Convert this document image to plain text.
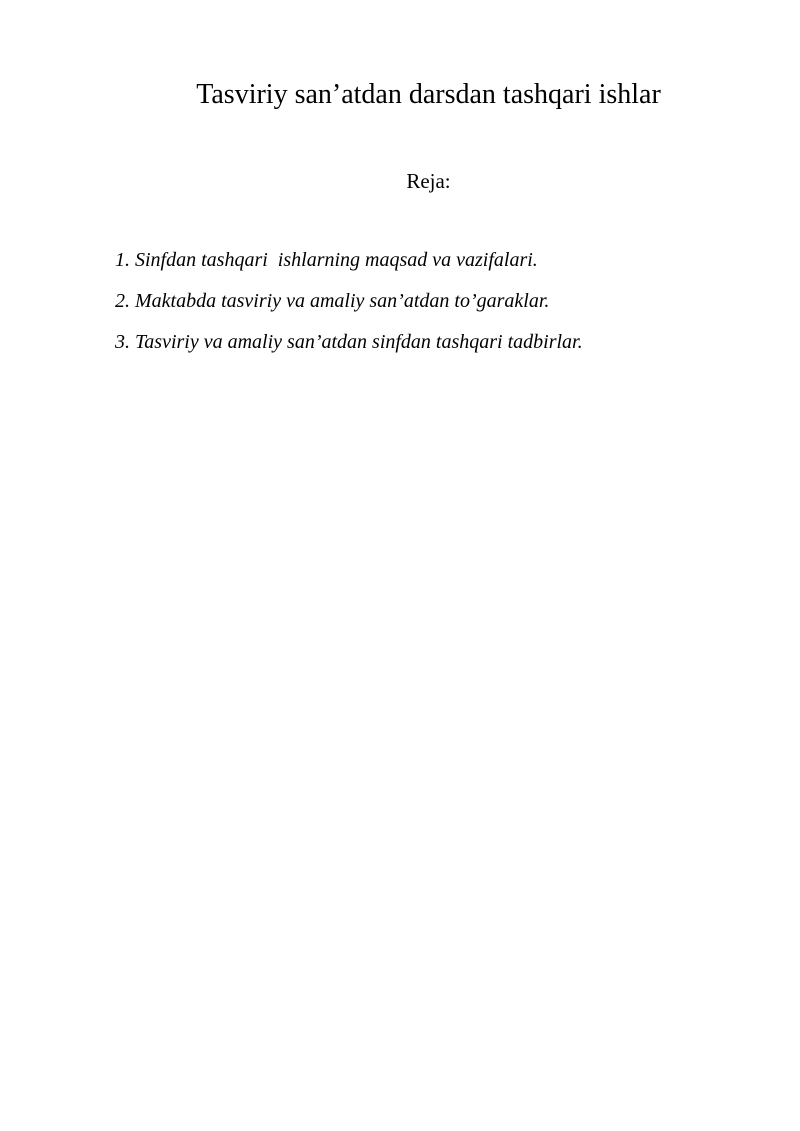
Tasviriy san’atdan darsdan tashqari ishlar
Reja:
1. Sinfdan tashqari  ishlarning maqsad va vazifalari.
2. Maktabda tasviriy va amaliy san’atdan to’garaklar.
3. Tasviriy va amaliy san’atdan sinfdan tashqari tadbirlar.
